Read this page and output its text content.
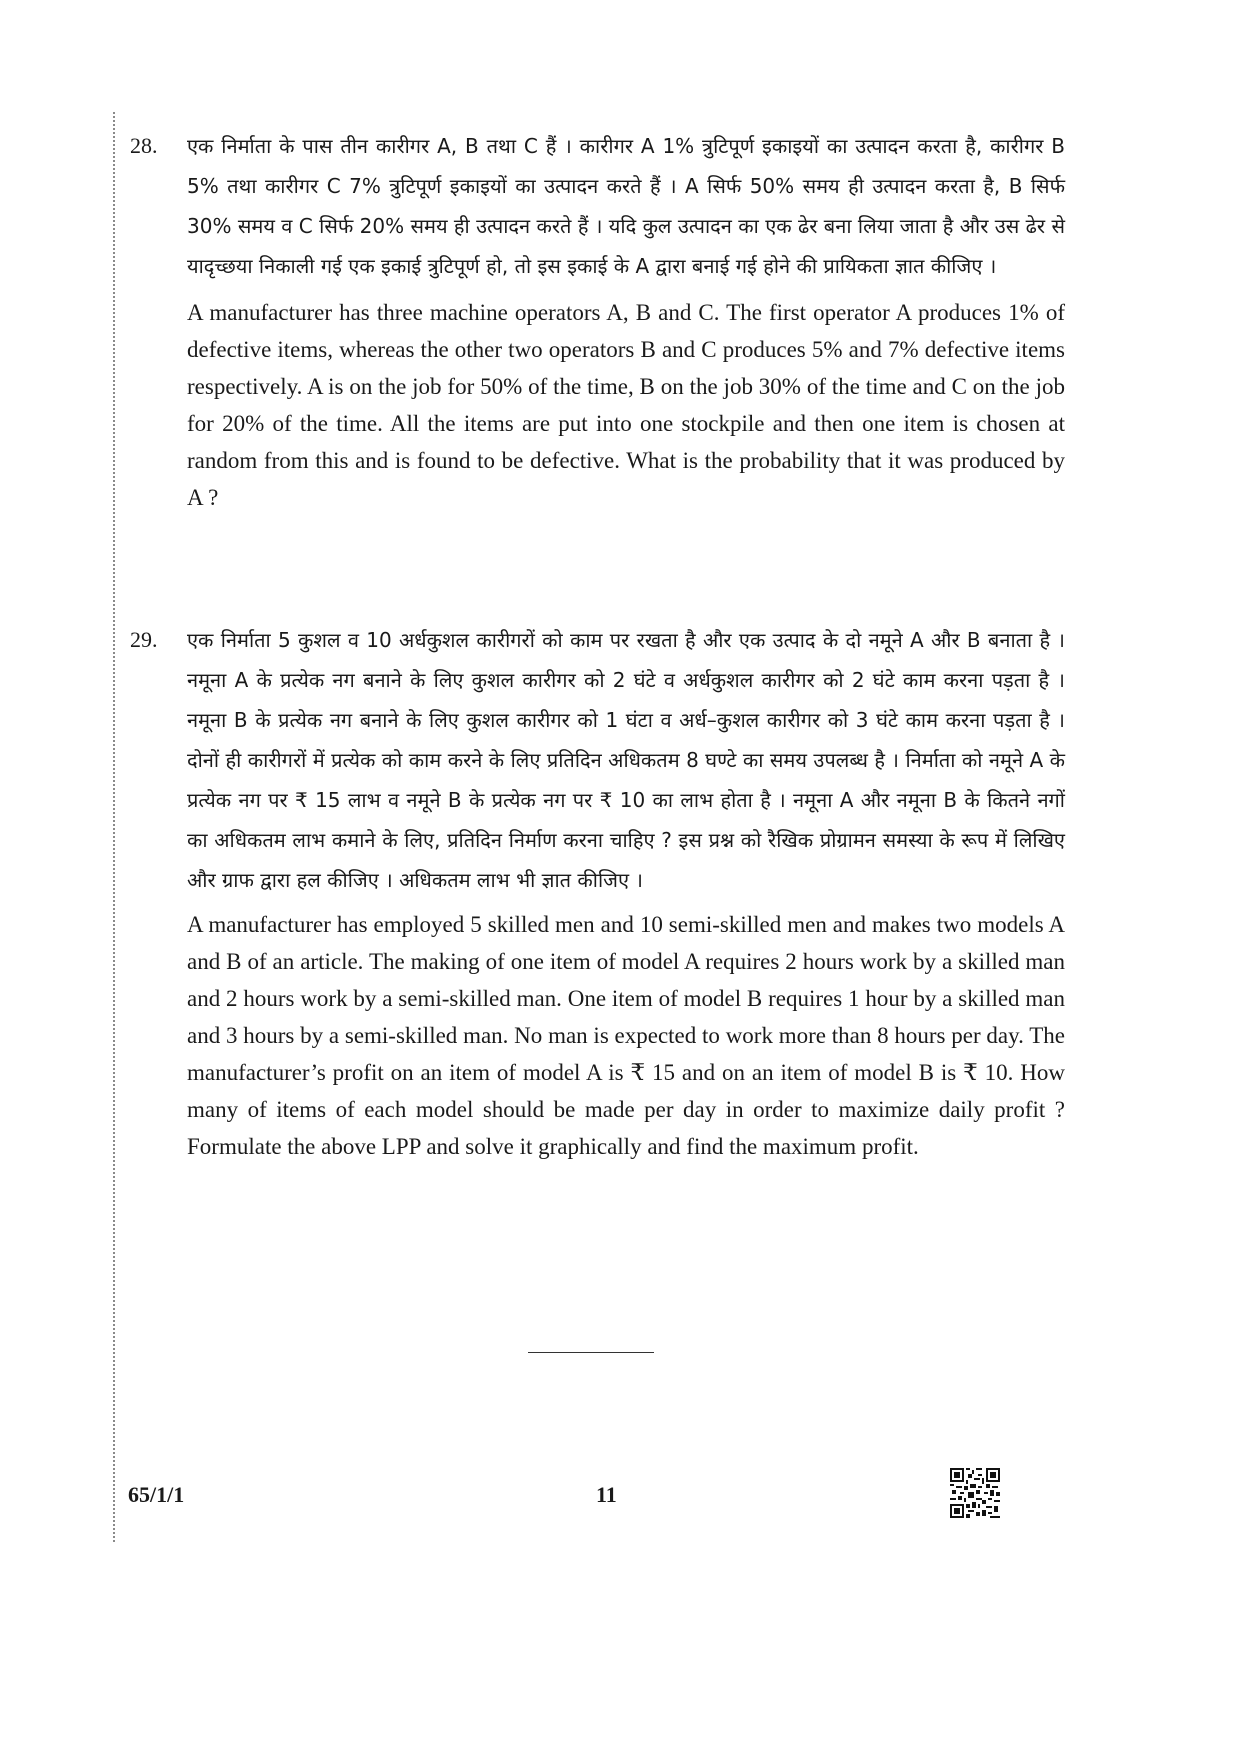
28. एक निर्माता के पास तीन कारीगर A, B तथा C हैं । कारीगर A 1% त्रुटिपूर्ण इकाइयों का उत्पादन करता है, कारीगर B 5% तथा कारीगर C 7% त्रुटिपूर्ण इकाइयों का उत्पादन करते हैं । A सिर्फ 50% समय ही उत्पादन करता है, B सिर्फ 30% समय व C सिर्फ 20% समय ही उत्पादन करते हैं । यदि कुल उत्पादन का एक ढेर बना लिया जाता है और उस ढेर से यादृच्छया निकाली गई एक इकाई त्रुटिपूर्ण हो, तो इस इकाई के A द्वारा बनाई गई होने की प्रायिकता ज्ञात कीजिए ।

A manufacturer has three machine operators A, B and C. The first operator A produces 1% of defective items, whereas the other two operators B and C produces 5% and 7% defective items respectively. A is on the job for 50% of the time, B on the job 30% of the time and C on the job for 20% of the time. All the items are put into one stockpile and then one item is chosen at random from this and is found to be defective. What is the probability that it was produced by A ?

29. एक निर्माता 5 कुशल व 10 अर्धकुशल कारीगरों को काम पर रखता है और एक उत्पाद के दो नमूने A और B बनाता है । नमूना A के प्रत्येक नग बनाने के लिए कुशल कारीगर को 2 घंटे व अर्धकुशल कारीगर को 2 घंटे काम करना पड़ता है । नमूना B के प्रत्येक नग बनाने के लिए कुशल कारीगर को 1 घंटा व अर्ध–कुशल कारीगर को 3 घंटे काम करना पड़ता है । दोनों ही कारीगरों में प्रत्येक को काम करने के लिए प्रतिदिन अधिकतम 8 घण्टे का समय उपलब्ध है । निर्माता को नमूने A के प्रत्येक नग पर ₹ 15 लाभ व नमूने B के प्रत्येक नग पर ₹ 10 का लाभ होता है । नमूना A और नमूना B के कितने नगों का अधिकतम लाभ कमाने के लिए, प्रतिदिन निर्माण करना चाहिए ? इस प्रश्न को रैखिक प्रोग्रामन समस्या के रूप में लिखिए और ग्राफ द्वारा हल कीजिए । अधिकतम लाभ भी ज्ञात कीजिए ।

A manufacturer has employed 5 skilled men and 10 semi-skilled men and makes two models A and B of an article. The making of one item of model A requires 2 hours work by a skilled man and 2 hours work by a semi-skilled man. One item of model B requires 1 hour by a skilled man and 3 hours by a semi-skilled man. No man is expected to work more than 8 hours per day. The manufacturer’s profit on an item of model A is ₹ 15 and on an item of model B is ₹ 10. How many of items of each model should be made per day in order to maximize daily profit ? Formulate the above LPP and solve it graphically and find the maximum profit.

65/1/1	11
